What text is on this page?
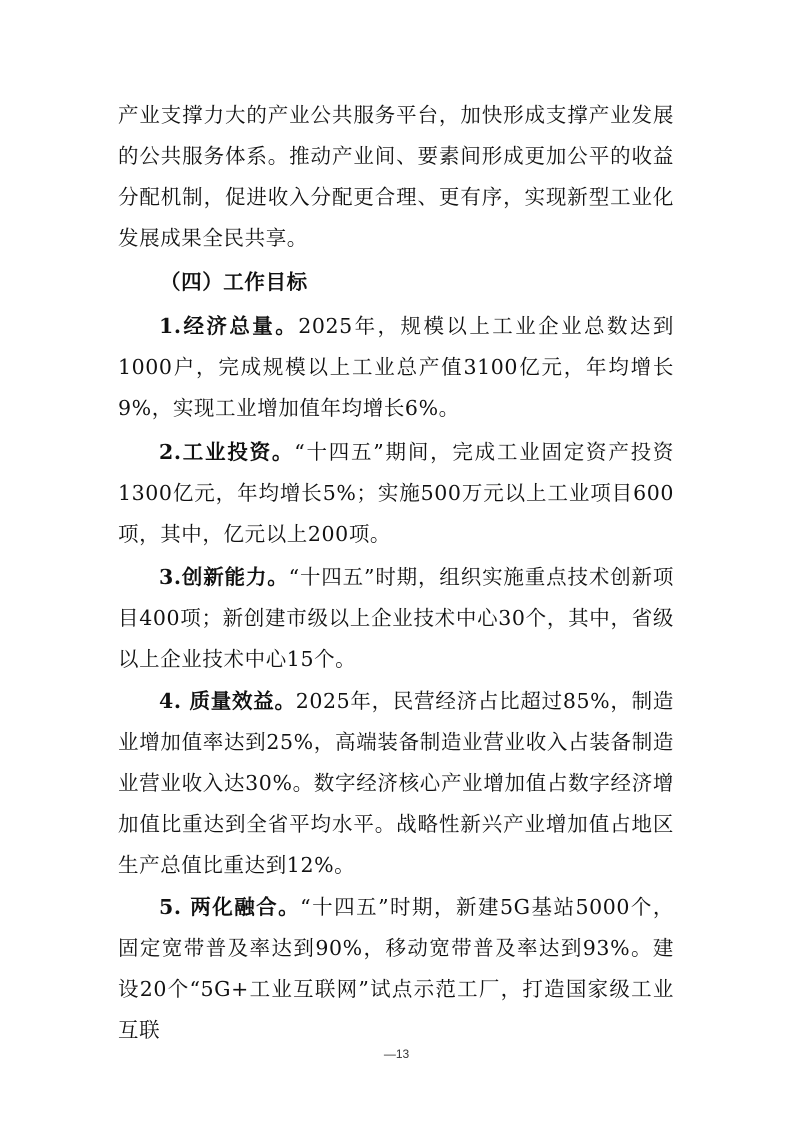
产业支撑力大的产业公共服务平台，加快形成支撑产业发展的公共服务体系。推动产业间、要素间形成更加公平的收益分配机制，促进收入分配更合理、更有序，实现新型工业化发展成果全民共享。

（四）工作目标

1.经济总量。2025年，规模以上工业企业总数达到1000户，完成规模以上工业总产值3100亿元，年均增长9%，实现工业增加值年均增长6%。

2.工业投资。“十四五”期间，完成工业固定资产投资1300亿元，年均增长5%；实施500万元以上工业项目600项，其中，亿元以上200项。

3.创新能力。“十四五”时期，组织实施重点技术创新项目400项；新创建市级以上企业技术中心30个，其中，省级以上企业技术中心15个。

4. 质量效益。2025年，民营经济占比超过85%，制造业增加值率达到25%，高端装备制造业营业收入占装备制造业营业收入达30%。数字经济核心产业增加值占数字经济增加值比重达到全省平均水平。战略性新兴产业增加值占地区生产总值比重达到12%。

5. 两化融合。“十四五”时期，新建5G基站5000个，固定宽带普及率达到90%，移动宽带普及率达到93%。建设20个“5G+工业互联网”试点示范工厂，打造国家级工业互联

—13
